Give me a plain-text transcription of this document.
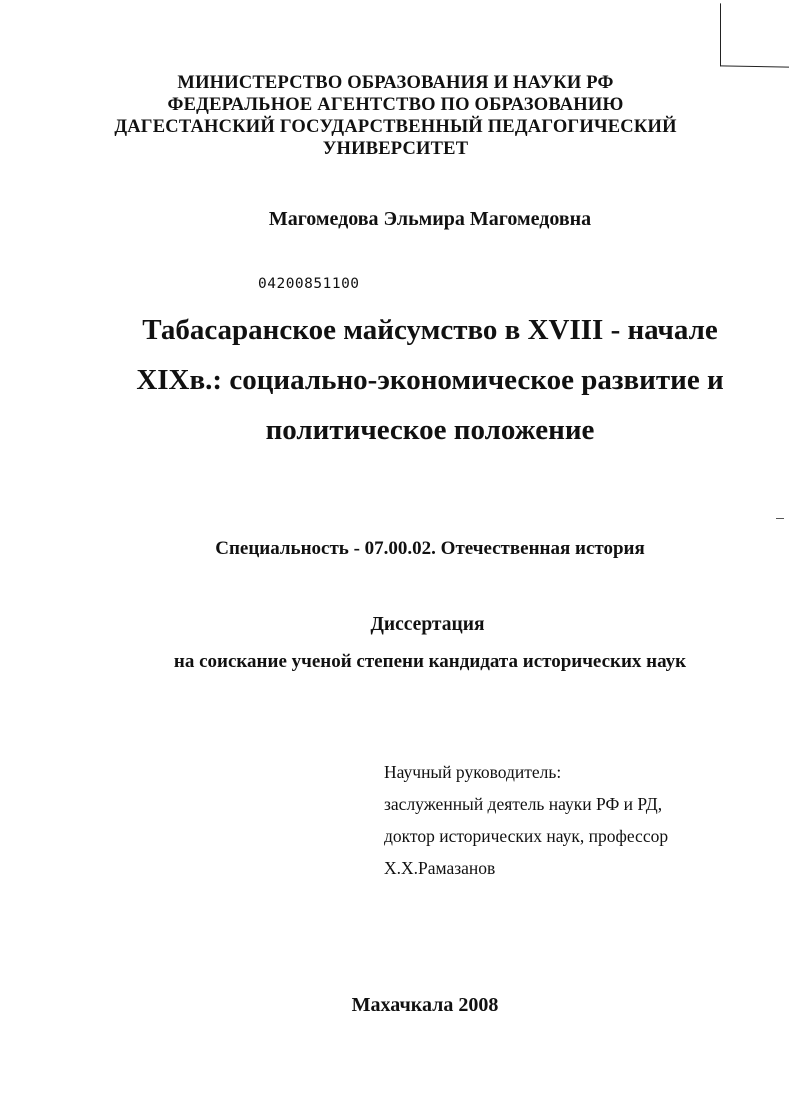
МИНИСТЕРСТВО ОБРАЗОВАНИЯ И НАУКИ РФ
ФЕДЕРАЛЬНОЕ АГЕНТСТВО ПО ОБРАЗОВАНИЮ
ДАГЕСТАНСКИЙ ГОСУДАРСТВЕННЫЙ ПЕДАГОГИЧЕСКИЙ
УНИВЕРСИТЕТ
Магомедова Эльмира Магомедовна
04200851100
Табасаранское майсумство в XVIII - начале
XIXв.: социально-экономическое развитие и
политическое положение
Специальность - 07.00.02. Отечественная история
Диссертация
на соискание ученой степени кандидата исторических наук
Научный руководитель:
заслуженный деятель науки РФ и РД,
доктор исторических наук, профессор
Х.Х.Рамазанов
Махачкала 2008
